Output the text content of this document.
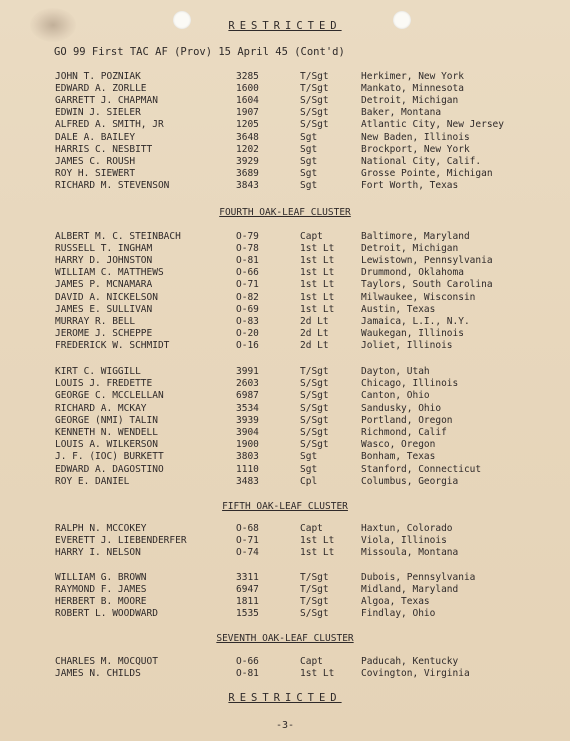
RESTRICTED
GO 99 First TAC AF (Prov) 15 April 45 (Cont'd)
JOHN T. POZNIAK	3285	T/Sgt	Herkimer, New York
EDWARD A. ZORLLE	1600	T/Sgt	Mankato, Minnesota
GARRETT J. CHAPMAN	1604	S/Sgt	Detroit, Michigan
EDWIN J. SIELER	1907	S/Sgt	Baker, Montana
ALFRED A. SMITH, JR	1205	S/Sgt	Atlantic City, New Jersey
DALE A. BAILEY	3648	Sgt	New Baden, Illinois
HARRIS C. NESBITT	1202	Sgt	Brockport, New York
JAMES C. ROUSH	3929	Sgt	National City, Calif.
ROY H. SIEWERT	3689	Sgt	Grosse Pointe, Michigan
RICHARD M. STEVENSON	3843	Sgt	Fort Worth, Texas
FOURTH OAK-LEAF CLUSTER
ALBERT M. C. STEINBACH	O-79	Capt	Baltimore, Maryland
RUSSELL T. INGHAM	O-78	1st Lt	Detroit, Michigan
HARRY D. JOHNSTON	O-81	1st Lt	Lewistown, Pennsylvania
WILLIAM C. MATTHEWS	O-66	1st Lt	Drummond, Oklahoma
JAMES P. MCNAMARA	O-71	1st Lt	Taylors, South Carolina
DAVID A. NICKELSON	O-82	1st Lt	Milwaukee, Wisconsin
JAMES E. SULLIVAN	O-69	1st Lt	Austin, Texas
MURRAY R. BELL	O-83	2d Lt	Jamaica, L.I., N.Y.
JEROME J. SCHEPPE	O-20	2d Lt	Waukegan, Illinois
FREDERICK W. SCHMIDT	O-16	2d Lt	Joliet, Illinois
KIRT C. WIGGILL	3991	T/Sgt	Dayton, Utah
LOUIS J. FREDETTE	2603	S/Sgt	Chicago, Illinois
GEORGE C. MCCLELLAN	6987	S/Sgt	Canton, Ohio
RICHARD A. MCKAY	3534	S/Sgt	Sandusky, Ohio
GEORGE (NMI) TALIN	3939	S/Sgt	Portland, Oregon
KENNETH N. WENDELL	3904	S/Sgt	Richmond, Calif
LOUIS A. WILKERSON	1900	S/Sgt	Wasco, Oregon
J. F. (IOC) BURKETT	3803	Sgt	Bonham, Texas
EDWARD A. DAGOSTINO	1110	Sgt	Stanford, Connecticut
ROY E. DANIEL	3483	Cpl	Columbus, Georgia
FIFTH OAK-LEAF CLUSTER
RALPH N. MCCOKEY	O-68	Capt	Haxtun, Colorado
EVERETT J. LIEBENDERFER	O-71	1st Lt	Viola, Illinois
HARRY I. NELSON	O-74	1st Lt	Missoula, Montana
WILLIAM G. BROWN	3311	T/Sgt	Dubois, Pennsylvania
RAYMOND F. JAMES	6947	T/Sgt	Midland, Maryland
HERBERT B. MOORE	1811	T/Sgt	Algoa, Texas
ROBERT L. WOODWARD	1535	S/Sgt	Findlay, Ohio
SEVENTH OAK-LEAF CLUSTER
CHARLES M. MOCQUOT	O-66	Capt	Paducah, Kentucky
JAMES N. CHILDS	O-81	1st Lt	Covington, Virginia
RESTRICTED
-3-
